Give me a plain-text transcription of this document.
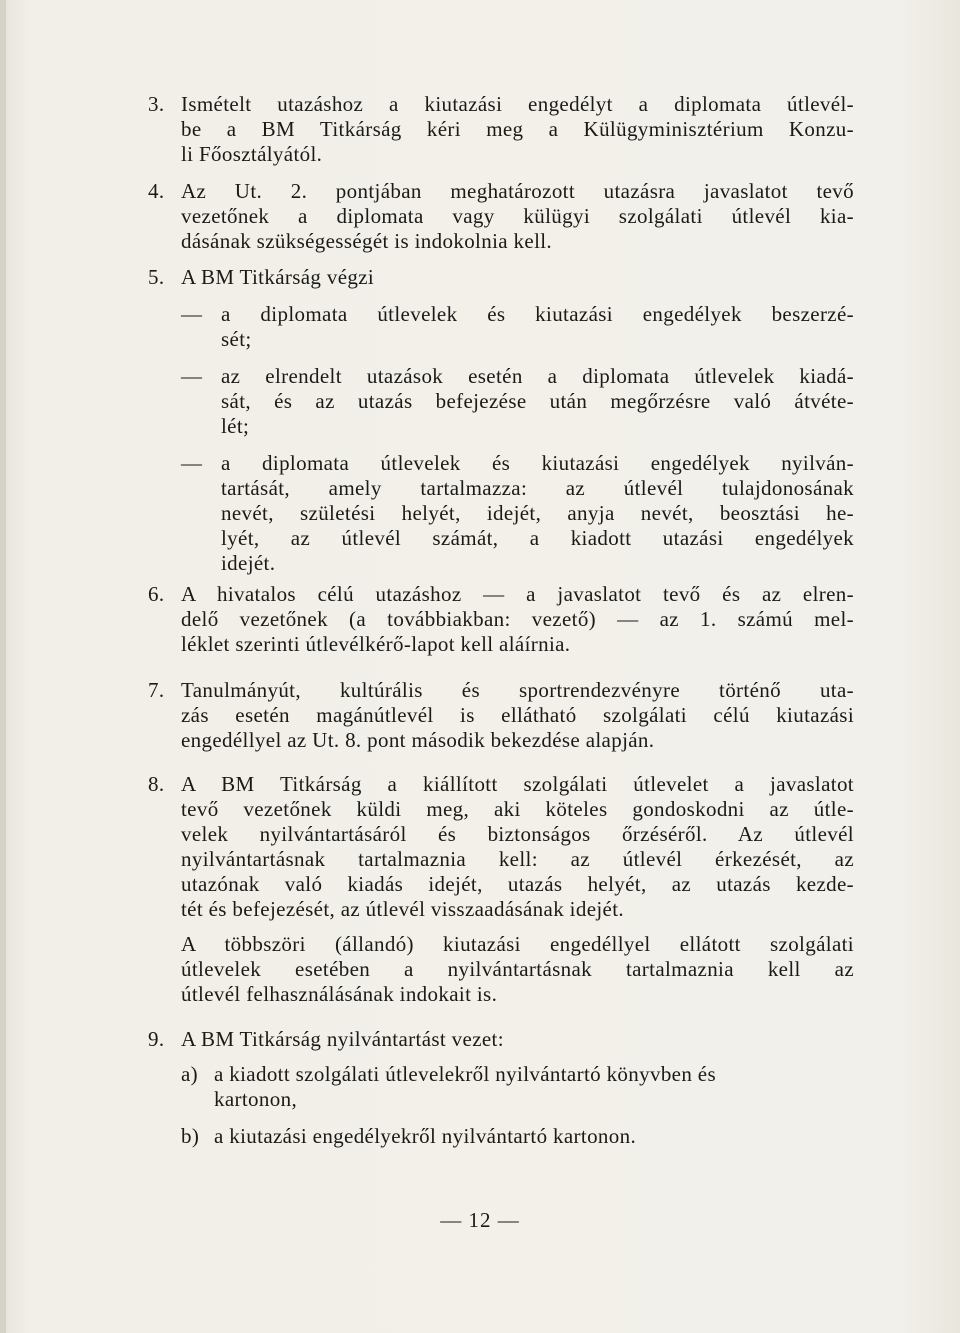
3. Ismételt utazáshoz a kiutazási engedélyt a diplomata útlevél-
be a BM Titkárság kéri meg a Külügyminisztérium Konzu-
li Főosztályától.
4. Az Ut. 2. pontjában meghatározott utazásra javaslatot tevő
vezetőnek a diplomata vagy külügyi szolgálati útlevél kia-
dásának szükségességét is indokolnia kell.
5. A BM Titkárság végzi
— a diplomata útlevelek és kiutazási engedélyek beszerzé-
sét;
— az elrendelt utazások esetén a diplomata útlevelek kiadá-
sát, és az utazás befejezése után megőrzésre való átvéte-
lét;
— a diplomata útlevelek és kiutazási engedélyek nyilván-
tartását, amely tartalmazza: az útlevél tulajdonosának
nevét, születési helyét, idejét, anyja nevét, beosztási he-
lyét, az útlevél számát, a kiadott utazási engedélyek
idejét.
6. A hivatalos célú utazáshoz — a javaslatot tevő és az elren-
delő vezetőnek (a továbbiakban: vezető) — az 1. számú mel-
léklet szerinti útlevélkérő-lapot kell aláírnia.
7. Tanulmányút, kultúrális és sportrendezvényre történő uta-
zás esetén magánútlevél is ellátható szolgálati célú kiutazási
engedéllyel az Ut. 8. pont második bekezdése alapján.
8. A BM Titkárság a kiállított szolgálati útlevelet a javaslatot
tevő vezetőnek küldi meg, aki köteles gondoskodni az útle-
velek nyilvántartásáról és biztonságos őrzéséről. Az útlevél
nyilvántartásnak tartalmaznia kell: az útlevél érkezését, az
utazónak való kiadás idejét, utazás helyét, az utazás kezde-
tét és befejezését, az útlevél visszaadásának idejét.
A többszöri (állandó) kiutazási engedéllyel ellátott szolgálati
útlevelek esetében a nyilvántartásnak tartalmaznia kell az
útlevél felhasználásának indokait is.
9. A BM Titkárság nyilvántartást vezet:
a) a kiadott szolgálati útlevelekről nyilvántartó könyvben és
kartonon,
b) a kiutazási engedélyekről nyilvántartó kartonon.
— 12 —
